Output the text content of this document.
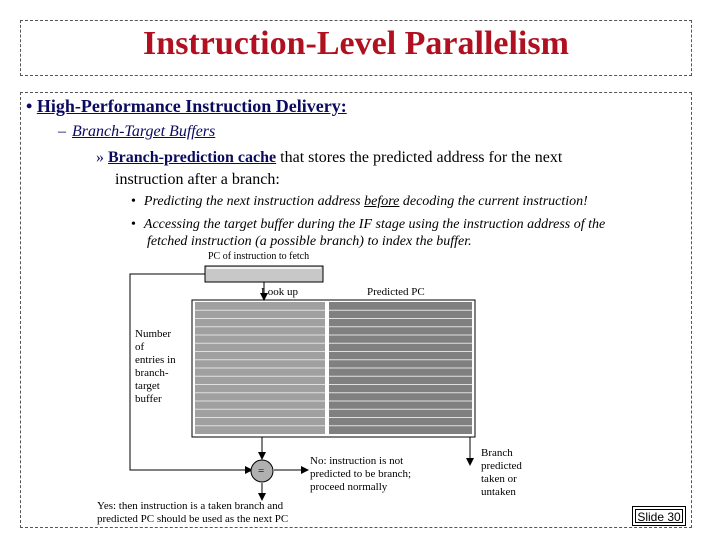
Instruction-Level Parallelism
• High-Performance Instruction Delivery:
– Branch-Target Buffers
» Branch-prediction cache that stores the predicted address for the next
instruction after a branch:
• Predicting the next instruction address before decoding the current instruction!
• Accessing the target buffer during the IF stage using the instruction address of the
fetched instruction (a possible branch) to index the buffer.
PC of instruction to fetch
Look up	Predicted PC
=
Number
of
entries in
branch-
target
buffer
No: instruction is not
predicted to be branch;
proceed normally
Yes: then instruction is a taken branch and
predicted PC should be used as the next PC
Branch
predicted
taken or
untaken
Slide 30
